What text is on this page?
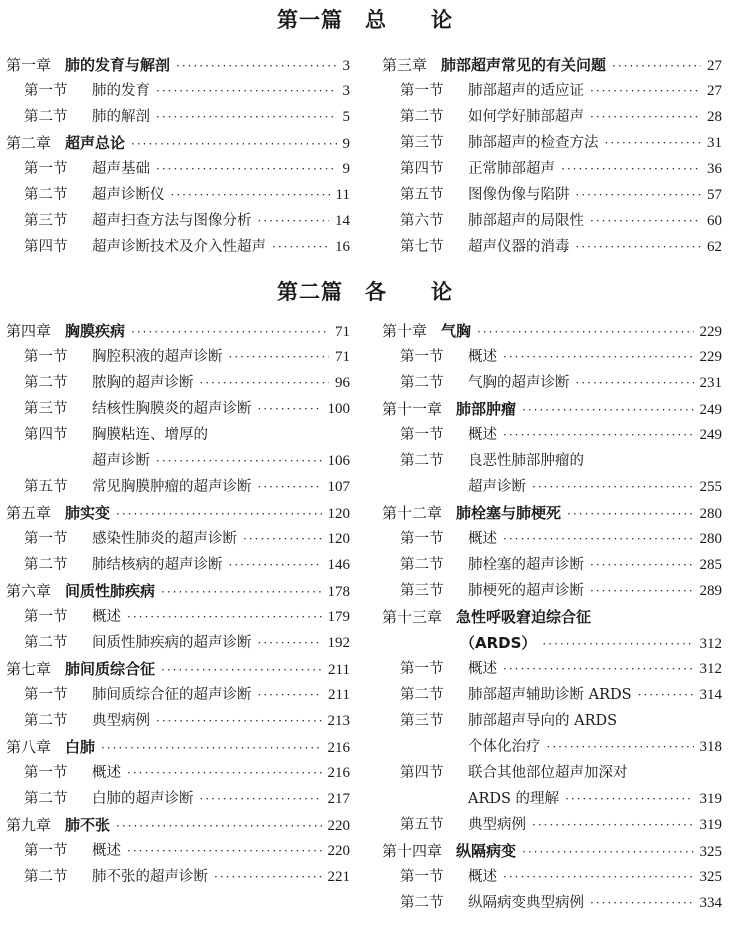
第一篇　总　　论
第一章 肺的发育与解剖 ·····	3
第一节	肺的发育 ·····	3
第二节	肺的解剖 ·····	5
第二章 超声总论 ·····	9
第一节	超声基础 ·····	9
第二节	超声诊断仪 ·····	11
第三节	超声扫查方法与图像分析 ·····	14
第四节	超声诊断技术及介入性超声 ·····	16
第三章 肺部超声常见的有关问题 ·····	27
第一节	肺部超声的适应证 ·····	27
第二节	如何学好肺部超声 ·····	28
第三节	肺部超声的检查方法 ·····	31
第四节	正常肺部超声 ·····	36
第五节	图像伪像与陷阱 ·····	57
第六节	肺部超声的局限性 ·····	60
第七节	超声仪器的消毒 ·····	62
第二篇　各　　论
第四章 胸膜疾病 ·····	71
第一节	胸腔积液的超声诊断 ·····	71
第二节	脓胸的超声诊断 ·····	96
第三节	结核性胸膜炎的超声诊断 ·····	100
第四节	胸膜粘连、增厚的
超声诊断 ·····	106
第五节	常见胸膜肿瘤的超声诊断 ·····	107
第五章 肺实变 ·····	120
第一节	感染性肺炎的超声诊断 ·····	120
第二节	肺结核病的超声诊断 ·····	146
第六章 间质性肺疾病 ·····	178
第一节	概述 ·····	179
第二节	间质性肺疾病的超声诊断 ·····	192
第七章 肺间质综合征 ·····	211
第一节	肺间质综合征的超声诊断 ·····	211
第二节	典型病例 ·····	213
第八章 白肺 ·····	216
第一节	概述 ·····	216
第二节	白肺的超声诊断 ·····	217
第九章 肺不张 ·····	220
第一节	概述 ·····	220
第二节	肺不张的超声诊断 ·····	221
第十章 气胸 ·····	229
第一节	概述 ·····	229
第二节	气胸的超声诊断 ·····	231
第十一章 肺部肿瘤 ·····	249
第一节	概述 ·····	249
第二节	良恶性肺部肿瘤的
超声诊断 ·····	255
第十二章 肺栓塞与肺梗死 ·····	280
第一节	概述 ·····	280
第二节	肺栓塞的超声诊断 ·····	285
第三节	肺梗死的超声诊断 ·····	289
第十三章 急性呼吸窘迫综合征
（ARDS） ·····	312
第一节	概述 ·····	312
第二节	肺部超声辅助诊断 ARDS ·····	314
第三节	肺部超声导向的 ARDS
个体化治疗 ·····	318
第四节	联合其他部位超声加深对
ARDS 的理解 ·····	319
第五节	典型病例 ·····	319
第十四章 纵隔病变 ·····	325
第一节	概述 ·····	325
第二节	纵隔病变典型病例 ·····	334
